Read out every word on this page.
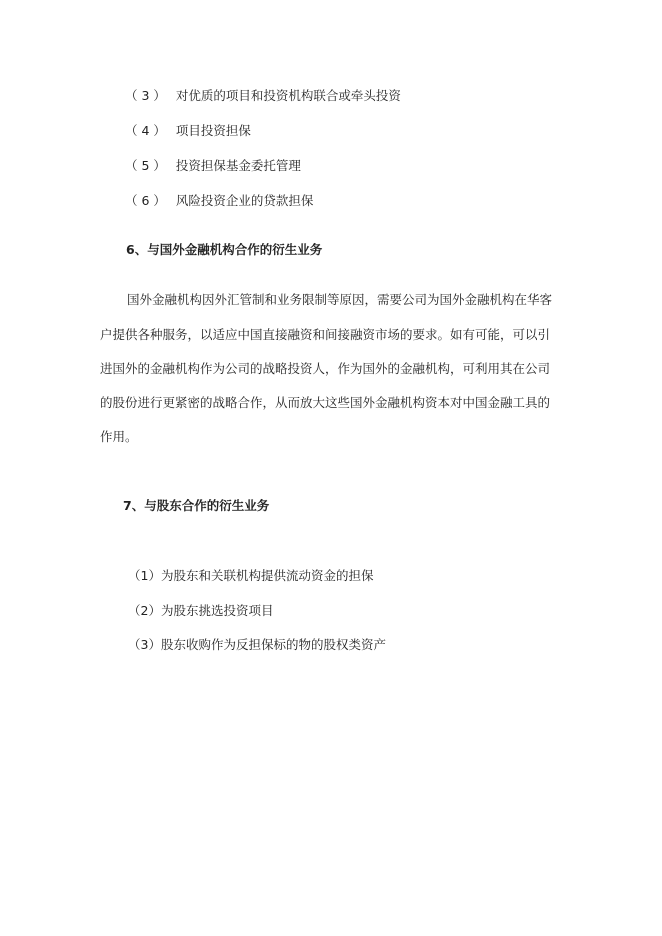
（ 3 ） 对优质的项目和投资机构联合或牵头投资
（ 4 ） 项目投资担保
（ 5 ） 投资担保基金委托管理
（ 6 ） 风险投资企业的贷款担保
6、与国外金融机构合作的衍生业务
国外金融机构因外汇管制和业务限制等原因，需要公司为国外金融机构在华客
户提供各种服务，以适应中国直接融资和间接融资市场的要求。如有可能，可以引
进国外的金融机构作为公司的战略投资人，作为国外的金融机构，可利用其在公司
的股份进行更紧密的战略合作，从而放大这些国外金融机构资本对中国金融工具的
作用。
7、与股东合作的衍生业务
（1）为股东和关联机构提供流动资金的担保
（2）为股东挑选投资项目
（3）股东收购作为反担保标的物的股权类资产
